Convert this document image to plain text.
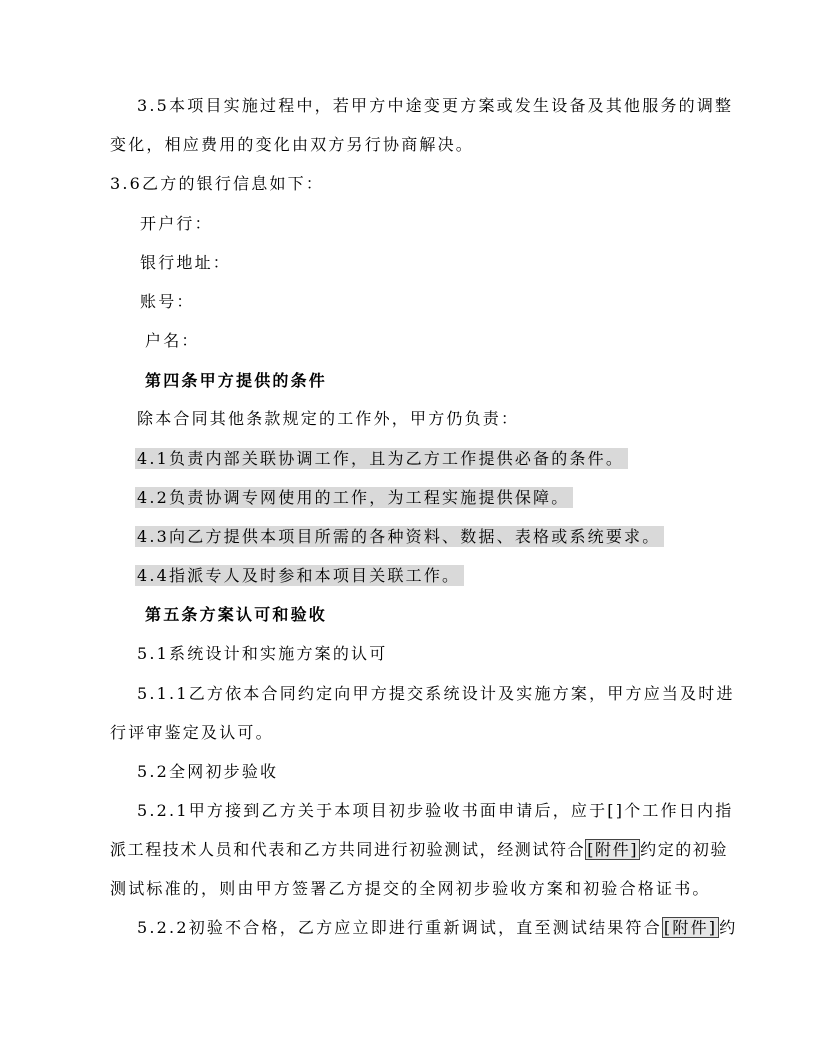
3.5本项目实施过程中，若甲方中途变更方案或发生设备及其他服务的调整
变化，相应费用的变化由双方另行协商解决。
3.6乙方的银行信息如下：
开户行：
银行地址：
账号：
户名：
第四条甲方提供的条件
除本合同其他条款规定的工作外，甲方仍负责：
4.1负责内部关联协调工作，且为乙方工作提供必备的条件。
4.2负责协调专网使用的工作，为工程实施提供保障。
4.3向乙方提供本项目所需的各种资料、数据、表格或系统要求。
4.4指派专人及时参和本项目关联工作。
第五条方案认可和验收
5.1系统设计和实施方案的认可
5.1.1乙方依本合同约定向甲方提交系统设计及实施方案，甲方应当及时进
行评审鉴定及认可。
5.2全网初步验收
5.2.1甲方接到乙方关于本项目初步验收书面申请后，应于[]个工作日内指
派工程技术人员和代表和乙方共同进行初验测试，经测试符合 [附件] 约定的初验
测试标准的，则由甲方签署乙方提交的全网初步验收方案和初验合格证书。
5.2.2初验不合格，乙方应立即进行重新调试，直至测试结果符合 [附件] 约
